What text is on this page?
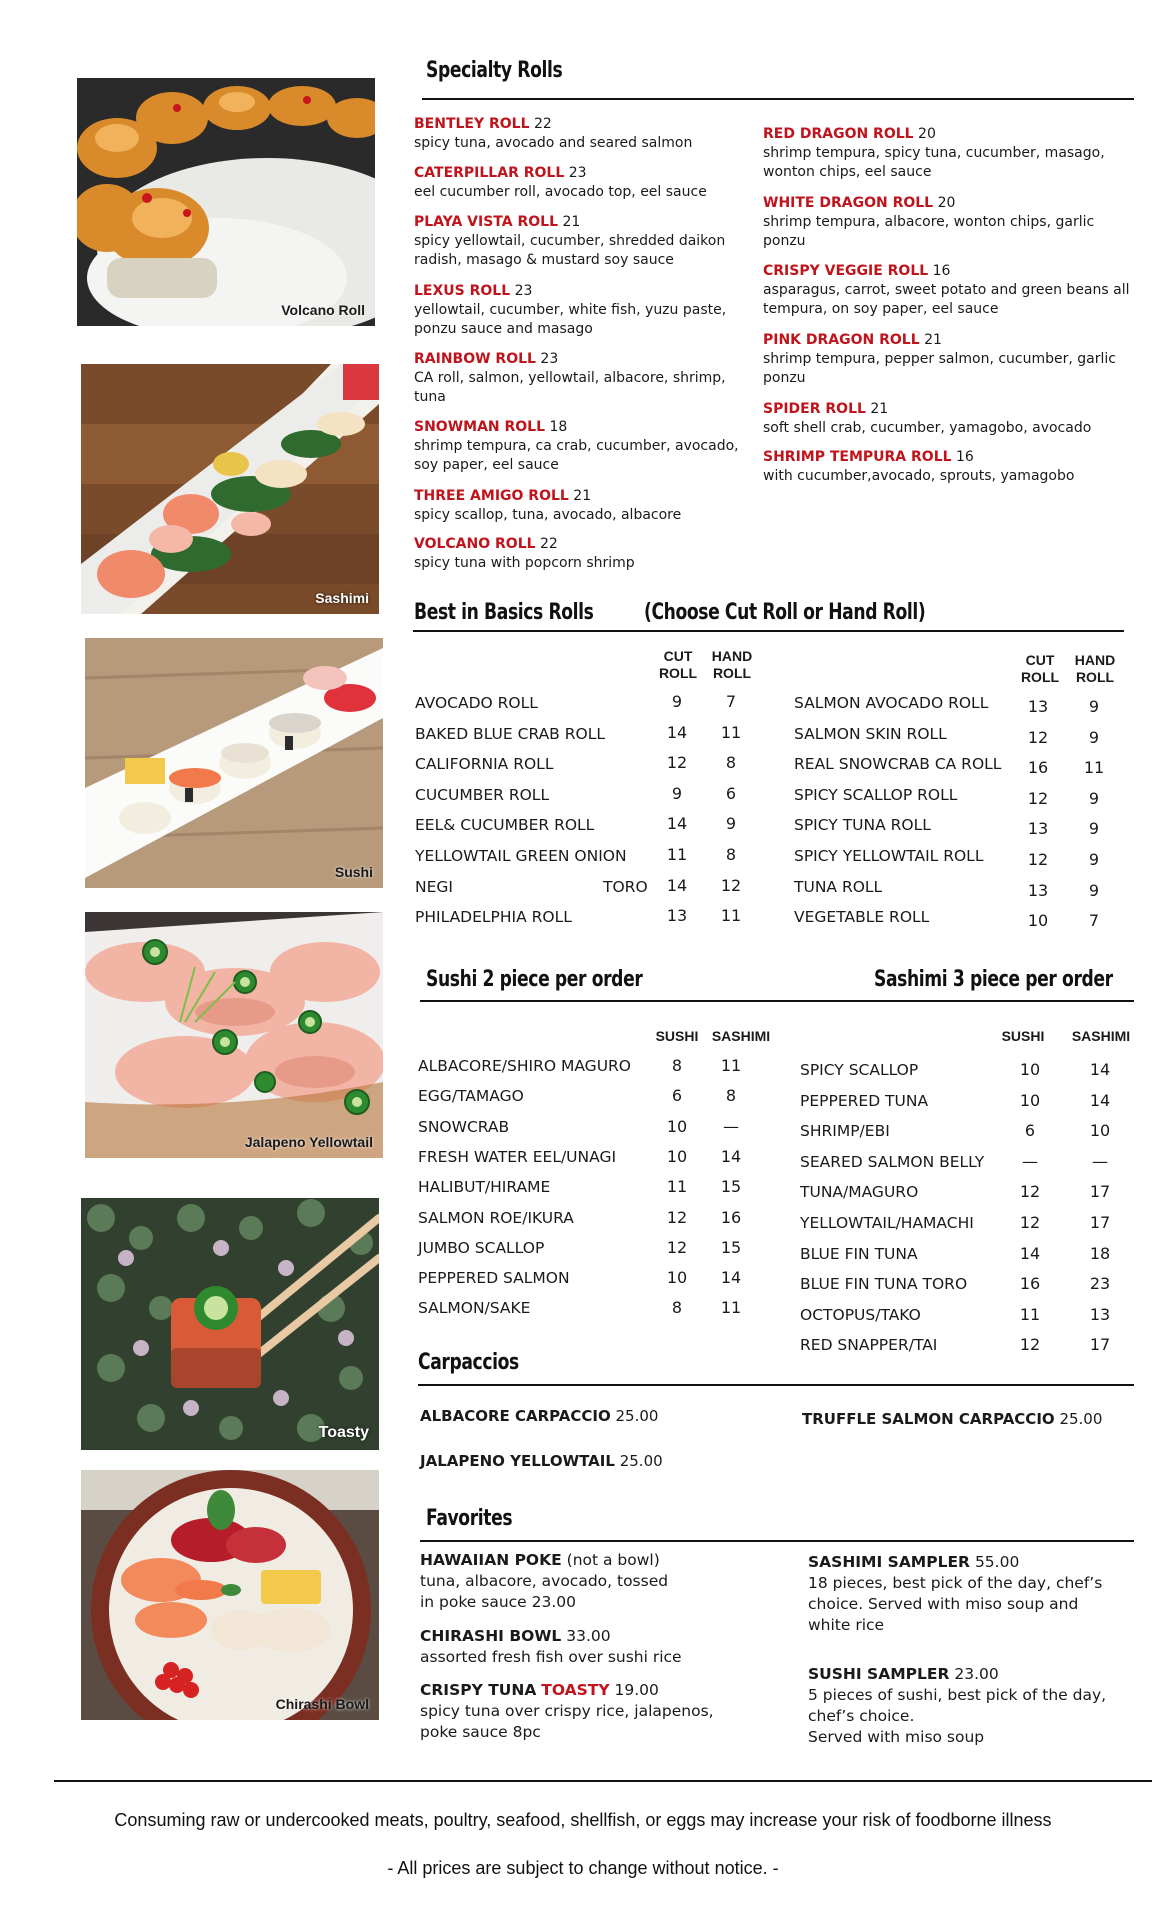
Volcano Roll
Sashimi
Sushi
Jalapeno Yellowtail
Toasty
Chirashi Bowl
Specialty Rolls
BENTLEY ROLL 22
spicy tuna, avocado and seared salmon
CATERPILLAR ROLL 23
eel cucumber roll, avocado top, eel sauce
PLAYA VISTA ROLL 21
spicy yellowtail, cucumber, shredded daikon
radish, masago & mustard soy sauce
LEXUS ROLL 23
yellowtail, cucumber, white fish, yuzu paste,
ponzu sauce and masago
RAINBOW ROLL 23
CA roll, salmon, yellowtail, albacore, shrimp,
tuna
SNOWMAN ROLL 18
shrimp tempura, ca crab, cucumber, avocado,
soy paper, eel sauce
THREE AMIGO ROLL 21
spicy scallop, tuna, avocado, albacore
VOLCANO ROLL 22
spicy tuna with popcorn shrimp
RED DRAGON ROLL 20
shrimp tempura, spicy tuna, cucumber, masago,
wonton chips, eel sauce
WHITE DRAGON ROLL 20
shrimp tempura, albacore, wonton chips, garlic
ponzu
CRISPY VEGGIE ROLL 16
asparagus, carrot, sweet potato and green beans all
tempura, on soy paper, eel sauce
PINK DRAGON ROLL 21
shrimp tempura, pepper salmon, cucumber, garlic
ponzu
SPIDER ROLL 21
soft shell crab, cucumber, yamagobo, avocado
SHRIMP TEMPURA ROLL 16
with cucumber,avocado, sprouts, yamagobo
Best in Basics Rolls (Choose Cut Roll or Hand Roll)
CUT
ROLL
HAND
ROLL
CUT
ROLL
HAND
ROLL
AVOCADO ROLL	9	7
BAKED BLUE CRAB ROLL	14	11
CALIFORNIA ROLL	12	8
CUCUMBER ROLL	9	6
EEL& CUCUMBER ROLL	14	9
YELLOWTAIL GREEN ONION	11	8
NEGI	TORO	14	12
PHILADELPHIA ROLL	13	11
SALMON AVOCADO ROLL	13	9
SALMON SKIN ROLL	12	9
REAL SNOWCRAB CA ROLL	16	11
SPICY SCALLOP ROLL	12	9
SPICY TUNA ROLL	13	9
SPICY YELLOWTAIL ROLL	12	9
TUNA ROLL	13	9
VEGETABLE ROLL	10	7
Sushi 2 piece per order	Sashimi 3 piece per order
SUSHI SASHIMI	SUSHI	SASHIMI
ALBACORE/SHIRO MAGURO	8	11
EGG/TAMAGO	6	8
SNOWCRAB	10	—
FRESH WATER EEL/UNAGI	10	14
HALIBUT/HIRAME	11	15
SALMON ROE/IKURA	12	16
JUMBO SCALLOP	12	15
PEPPERED SALMON	10	14
SALMON/SAKE	8	11
SPICY SCALLOP	10	14
PEPPERED TUNA	10	14
SHRIMP/EBI	6	10
SEARED SALMON BELLY	—	—
TUNA/MAGURO	12	17
YELLOWTAIL/HAMACHI	12	17
BLUE FIN TUNA	14	18
BLUE FIN TUNA TORO	16	23
OCTOPUS/TAKO	11	13
RED SNAPPER/TAI	12	17
Carpaccios
ALBACORE CARPACCIO 25.00	TRUFFLE SALMON CARPACCIO 25.00
JALAPENO YELLOWTAIL 25.00
Favorites
HAWAIIAN POKE (not a bowl)
tuna, albacore, avocado, tossed
in poke sauce 23.00
CHIRASHI BOWL 33.00
assorted fresh fish over sushi rice
CRISPY TUNA TOASTY 19.00
spicy tuna over crispy rice, jalapenos,
poke sauce 8pc
SASHIMI SAMPLER 55.00
18 pieces, best pick of the day, chef’s
choice. Served with miso soup and
white rice
SUSHI SAMPLER 23.00
5 pieces of sushi, best pick of the day,
chef’s choice.
Served with miso soup
Consuming raw or undercooked meats, poultry, seafood, shellfish, or eggs may increase your risk of foodborne illness
- All prices are subject to change without notice. -
